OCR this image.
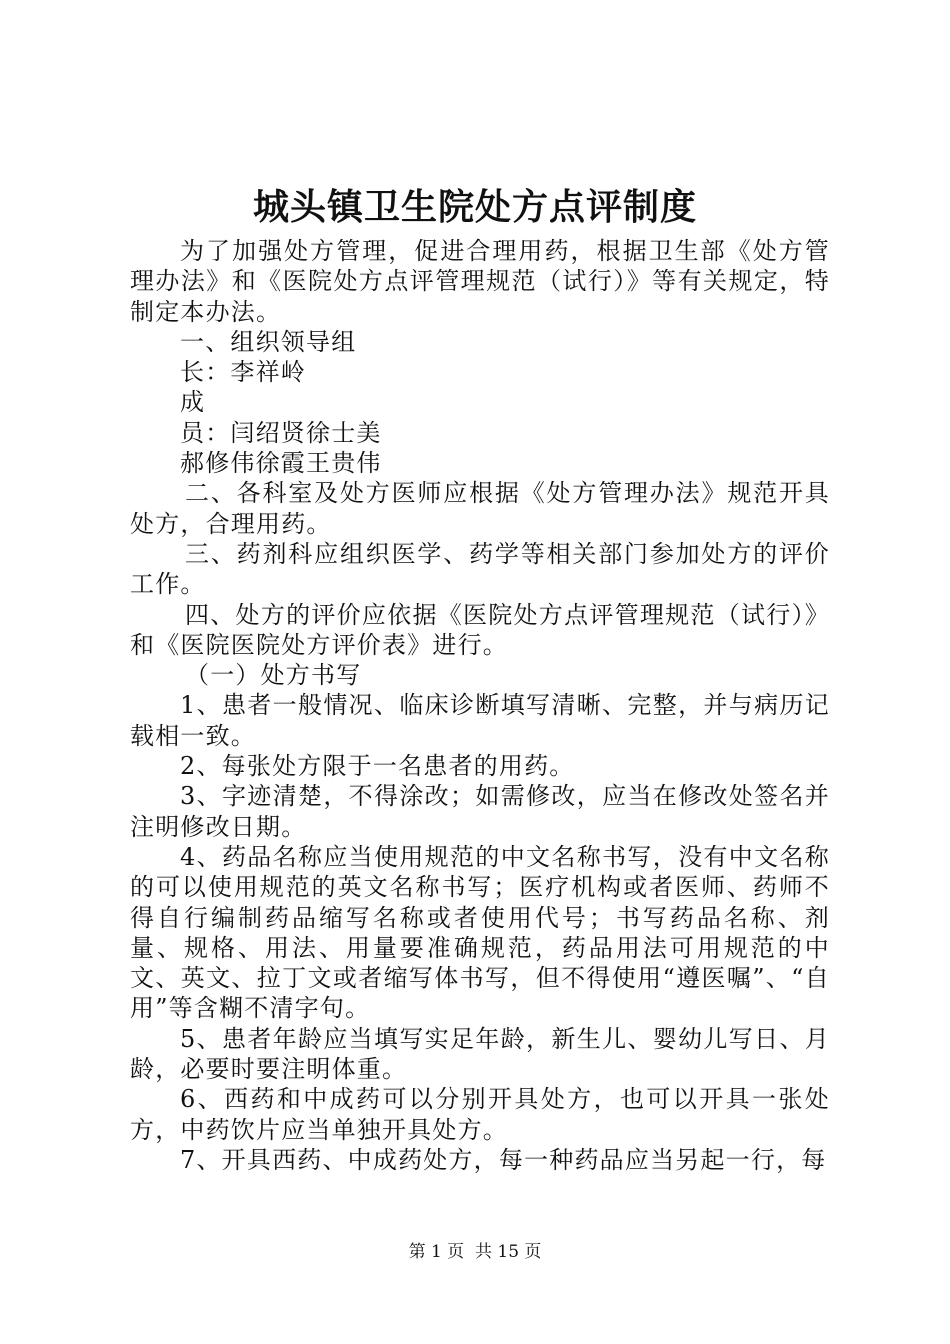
城头镇卫生院处方点评制度

为了加强处方管理，促进合理用药，根据卫生部《处方管理办法》和《医院处方点评管理规范（试行）》等有关规定，特制定本办法。

一、组织领导组

长：李祥岭

成

员：闫绍贤徐士美

郝修伟徐霞王贵伟

二、各科室及处方医师应根据《处方管理办法》规范开具处方，合理用药。

三、药剂科应组织医学、药学等相关部门参加处方的评价工作。

四、处方的评价应依据《医院处方点评管理规范（试行）》和《医院医院处方评价表》进行。

（一）处方书写

1、患者一般情况、临床诊断填写清晰、完整，并与病历记载相一致。

2、每张处方限于一名患者的用药。

3、字迹清楚，不得涂改；如需修改，应当在修改处签名并注明修改日期。

4、药品名称应当使用规范的中文名称书写，没有中文名称的可以使用规范的英文名称书写；医疗机构或者医师、药师不得自行编制药品缩写名称或者使用代号；书写药品名称、剂量、规格、用法、用量要准确规范，药品用法可用规范的中文、英文、拉丁文或者缩写体书写，但不得使用“遵医嘱”、“自用”等含糊不清字句。

5、患者年龄应当填写实足年龄，新生儿、婴幼儿写日、月龄，必要时要注明体重。

6、西药和中成药可以分别开具处方，也可以开具一张处方，中药饮片应当单独开具处方。

7、开具西药、中成药处方，每一种药品应当另起一行，每

第 1 页  共 15 页
